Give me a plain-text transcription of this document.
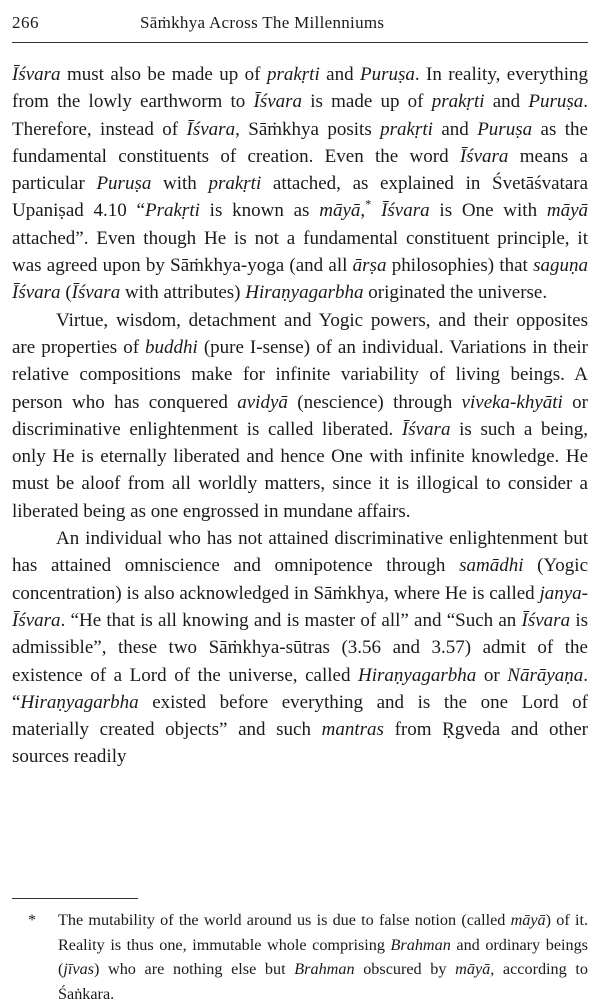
266	Sāṁkhya Across The Millenniums

Īśvara must also be made up of prakṛti and Puruṣa. In reality, everything from the lowly earthworm to Īśvara is made up of prakṛti and Puruṣa. Therefore, instead of Īśvara, Sāṁkhya posits prakṛti and Puruṣa as the fundamental constituents of creation. Even the word Īśvara means a particular Puruṣa with prakṛti attached, as explained in Śvetāśvatara Upaniṣad 4.10 “Prakṛti is known as māyā,* Īśvara is One with māyā attached”. Even though He is not a fundamental constituent principle, it was agreed upon by Sāṁkhya-yoga (and all ārṣa philosophies) that saguṇa Īśvara (Īśvara with attributes) Hiraṇyagarbha originated the universe.

Virtue, wisdom, detachment and Yogic powers, and their opposites are properties of buddhi (pure I-sense) of an individual. Variations in their relative compositions make for infinite variability of living beings. A person who has conquered avidyā (nescience) through viveka-khyāti or discriminative enlightenment is called liberated. Īśvara is such a being, only He is eternally liberated and hence One with infinite knowledge. He must be aloof from all worldly matters, since it is illogical to consider a liberated being as one engrossed in mundane affairs.

An individual who has not attained discriminative enlightenment but has attained omniscience and omnipotence through samādhi (Yogic concentration) is also acknowledged in Sāṁkhya, where He is called janya-Īśvara. “He that is all knowing and is master of all” and “Such an Īśvara is admissible”, these two Sāṁkhya-sūtras (3.56 and 3.57) admit of the existence of a Lord of the universe, called Hiraṇyagarbha or Nārāyaṇa. “Hiraṇyagarbha existed before everything and is the one Lord of materially created objects” and such mantras from Ṛgveda and other sources readily

* The mutability of the world around us is due to false notion (called māyā) of it. Reality is thus one, immutable whole comprising Brahman and ordinary beings (jīvas) who are nothing else but Brahman obscured by māyā, according to Śaṅkara.
